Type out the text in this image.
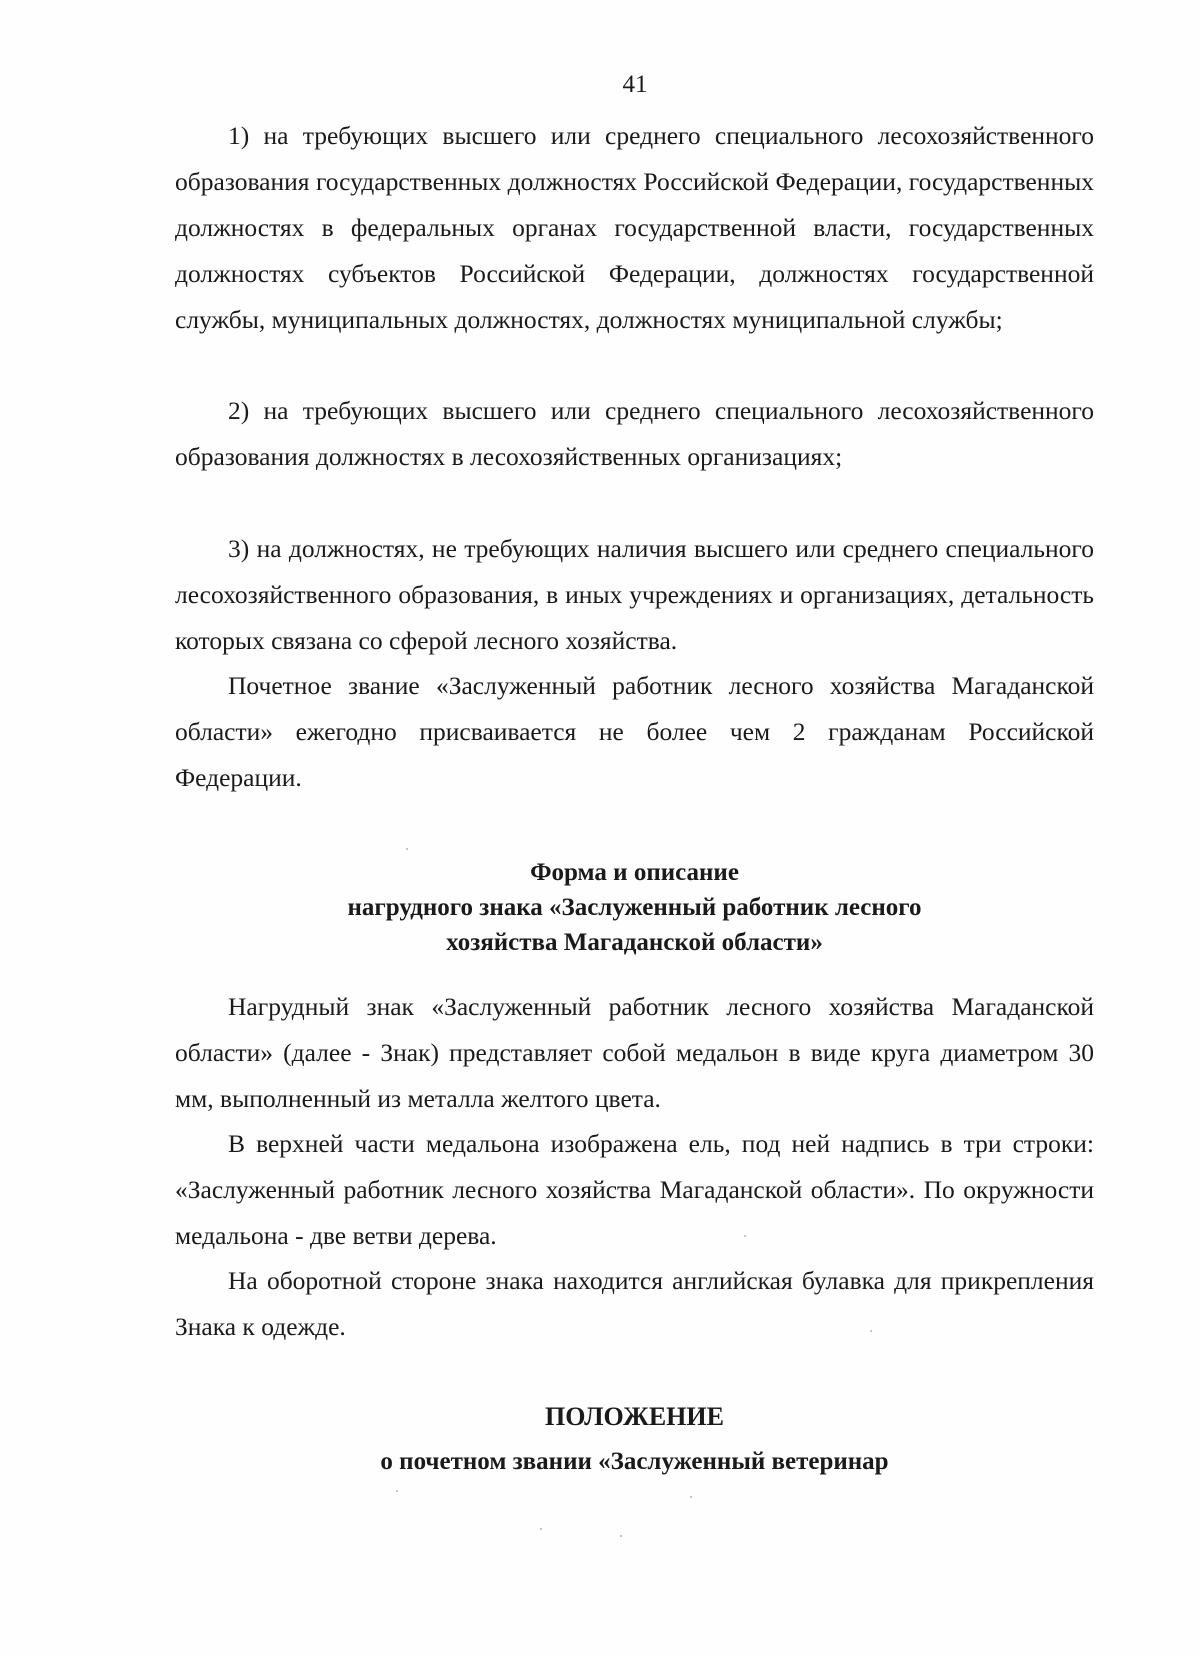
41

1) на требующих высшего или среднего специального лесохозяйственного образования государственных должностях Российской Федерации, государственных должностях в федеральных органах государственной власти, государственных должностях субъектов Российской Федерации, должностях государственной службы, муниципальных должностях, должностях муниципальной службы;

2) на требующих высшего или среднего специального лесохозяйственного образования должностях в лесохозяйственных организациях;

3) на должностях, не требующих наличия высшего или среднего специального лесохозяйственного образования, в иных учреждениях и организациях, детальность которых связана со сферой лесного хозяйства.

Почетное звание «Заслуженный работник лесного хозяйства Магаданской области» ежегодно присваивается не более чем 2 гражданам Российской Федерации.

Форма и описание
нагрудного знака «Заслуженный работник лесного
хозяйства Магаданской области»

Нагрудный знак «Заслуженный работник лесного хозяйства Магаданской области» (далее - Знак) представляет собой медальон в виде круга диаметром 30 мм, выполненный из металла желтого цвета.

В верхней части медальона изображена ель, под ней надпись в три строки: «Заслуженный работник лесного хозяйства Магаданской области». По окружности медальона - две ветви дерева.

На оборотной стороне знака находится английская булавка для прикрепления Знака к одежде.

ПОЛОЖЕНИЕ
о почетном звании «Заслуженный ветеринар
